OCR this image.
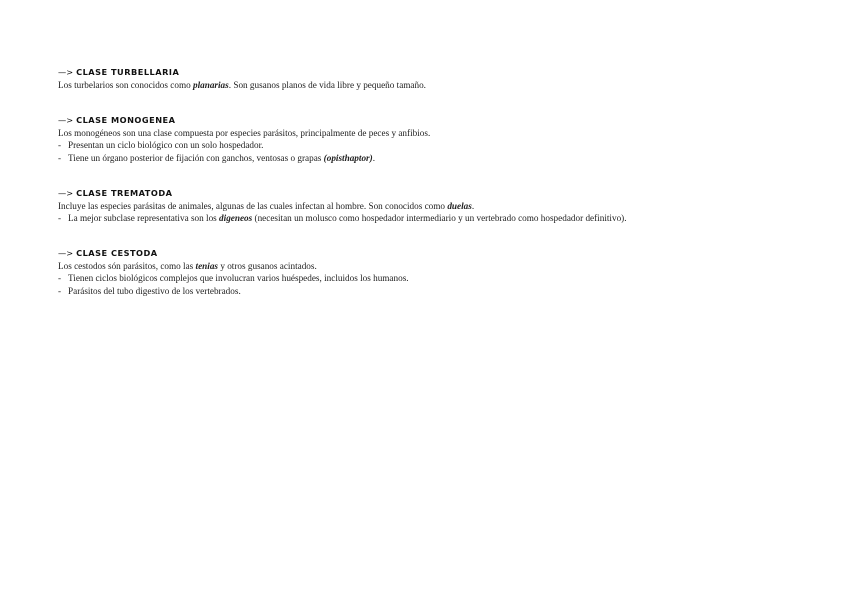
—> CLASE TURBELLARIA
Los turbelarios son conocidos como planarias. Son gusanos planos de vida libre y pequeño tamaño.
—> CLASE MONOGENEA
Los monogéneos son una clase compuesta por especies parásitos, principalmente de peces y anfibios.
- Presentan un ciclo biológico con un solo hospedador.
- Tiene un órgano posterior de fijación con ganchos, ventosas o grapas (opisthaptor).
—> CLASE TREMATODA
Incluye las especies parásitas de animales, algunas de las cuales infectan al hombre. Son conocidos como duelas.
- La mejor subclase representativa son los digeneos (necesitan un molusco como hospedador intermediario y un vertebrado como hospedador definitivo).
—> CLASE CESTODA
Los cestodos són parásitos, como las tenias y otros gusanos acintados.
- Tienen ciclos biológicos complejos que involucran varios huéspedes, incluidos los humanos.
- Parásitos del tubo digestivo de los vertebrados.
